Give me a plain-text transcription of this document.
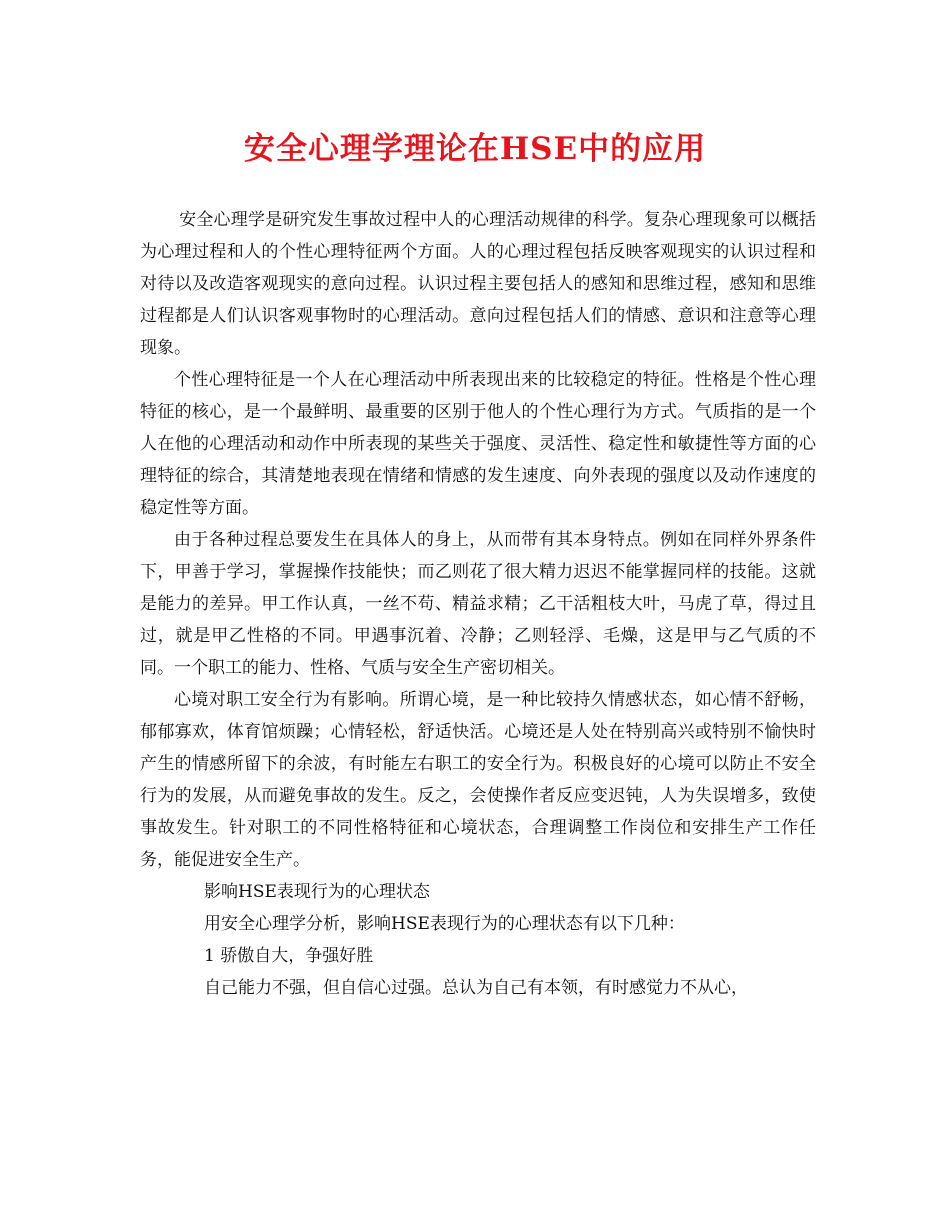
安全心理学理论在HSE中的应用

安全心理学是研究发生事故过程中人的心理活动规律的科学。复杂心理现象可以概括为心理过程和人的个性心理特征两个方面。人的心理过程包括反映客观现实的认识过程和对待以及改造客观现实的意向过程。认识过程主要包括人的感知和思维过程，感知和思维过程都是人们认识客观事物时的心理活动。意向过程包括人们的情感、意识和注意等心理现象。

个性心理特征是一个人在心理活动中所表现出来的比较稳定的特征。性格是个性心理特征的核心，是一个最鲜明、最重要的区别于他人的个性心理行为方式。气质指的是一个人在他的心理活动和动作中所表现的某些关于强度、灵活性、稳定性和敏捷性等方面的心理特征的综合，其清楚地表现在情绪和情感的发生速度、向外表现的强度以及动作速度的稳定性等方面。

由于各种过程总要发生在具体人的身上，从而带有其本身特点。例如在同样外界条件下，甲善于学习，掌握操作技能快；而乙则花了很大精力迟迟不能掌握同样的技能。这就是能力的差异。甲工作认真，一丝不苟、精益求精；乙干活粗枝大叶，马虎了草，得过且过，就是甲乙性格的不同。甲遇事沉着、冷静；乙则轻浮、毛燥，这是甲与乙气质的不同。一个职工的能力、性格、气质与安全生产密切相关。

心境对职工安全行为有影响。所谓心境，是一种比较持久情感状态，如心情不舒畅，郁郁寡欢，体育馆烦躁；心情轻松，舒适快活。心境还是人处在特别高兴或特别不愉快时产生的情感所留下的余波，有时能左右职工的安全行为。积极良好的心境可以防止不安全行为的发展，从而避免事故的发生。反之，会使操作者反应变迟钝，人为失误增多，致使事故发生。针对职工的不同性格特征和心境状态，合理调整工作岗位和安排生产工作任务，能促进安全生产。

影响HSE表现行为的心理状态

用安全心理学分析，影响HSE表现行为的心理状态有以下几种：

1 骄傲自大，争强好胜

自己能力不强，但自信心过强。总认为自己有本领，有时感觉力不从心，
